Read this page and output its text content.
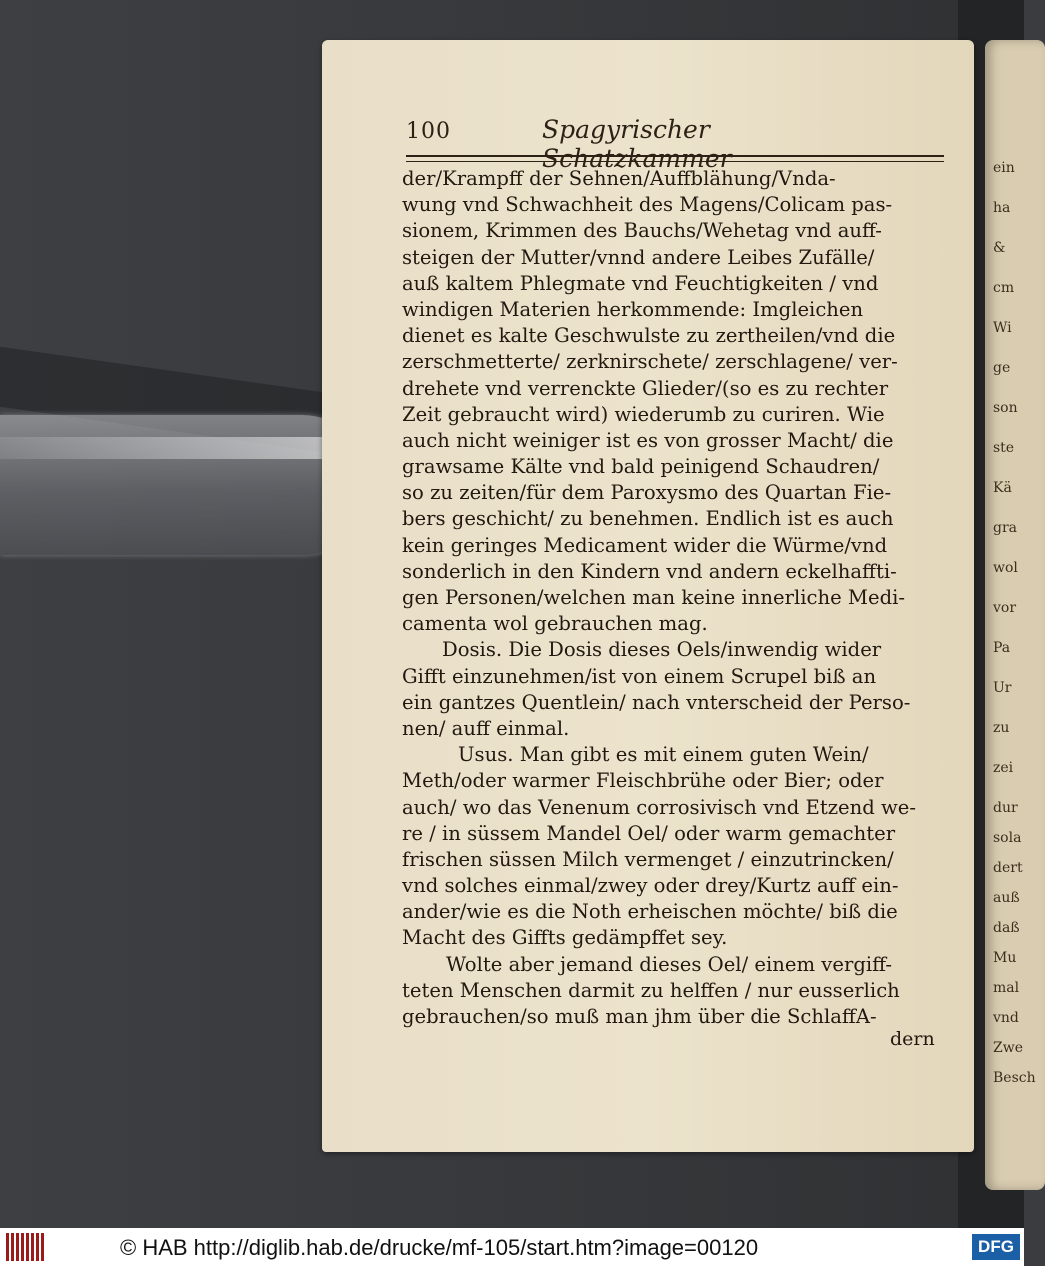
ein
ha
&
cm
Wi
ge
son
ste
Kä
gra
wol
vor
Pa
Ur
zu
zei
dur
sola
dert
auß
daß
Mu
mal
vnd
Zwe
Besch
100	Spagyrischer Schatzkammer
der/Krampff der Sehnen/Auffblähung/Vnda-
wung vnd Schwachheit des Magens/Colicam pas-
sionem, Krimmen des Bauchs/Wehetag vnd auff-
steigen der Mutter/vnnd andere Leibes Zufälle/
auß kaltem Phlegmate vnd Feuchtigkeiten / vnd
windigen Materien herkommende: Imgleichen
dienet es kalte Geschwulste zu zertheilen/vnd die
zerschmetterte/ zerknirschete/ zerschlagene/ ver-
drehete vnd verrenckte Glieder/(so es zu rechter
Zeit gebraucht wird) wiederumb zu curiren. Wie
auch nicht weiniger ist es von grosser Macht/ die
grawsame Kälte vnd bald peinigend Schaudren/
so zu zeiten/für dem Paroxysmo des Quartan Fie-
bers geschicht/ zu benehmen. Endlich ist es auch
kein geringes Medicament wider die Würme/vnd
sonderlich in den Kindern vnd andern eckelhaffti-
gen Personen/welchen man keine innerliche Medi-
camenta wol gebrauchen mag.
Dosis. Die Dosis dieses Oels/inwendig wider
Gifft einzunehmen/ist von einem Scrupel biß an
ein gantzes Quentlein/ nach vnterscheid der Perso-
nen/ auff einmal.
Usus. Man gibt es mit einem guten Wein/
Meth/oder warmer Fleischbrühe oder Bier; oder
auch/ wo das Venenum corrosivisch vnd Etzend we-
re / in süssem Mandel Oel/ oder warm gemachter
frischen süssen Milch vermenget / einzutrincken/
vnd solches einmal/zwey oder drey/Kurtz auff ein-
ander/wie es die Noth erheischen möchte/ biß die
Macht des Giffts gedämpffet sey.
Wolte aber jemand dieses Oel/ einem vergiff-
teten Menschen darmit zu helffen / nur eusserlich
gebrauchen/so muß man jhm über die SchlaffA-
dern
© HAB http://diglib.hab.de/drucke/mf-105/start.htm?image=00120	DFG
